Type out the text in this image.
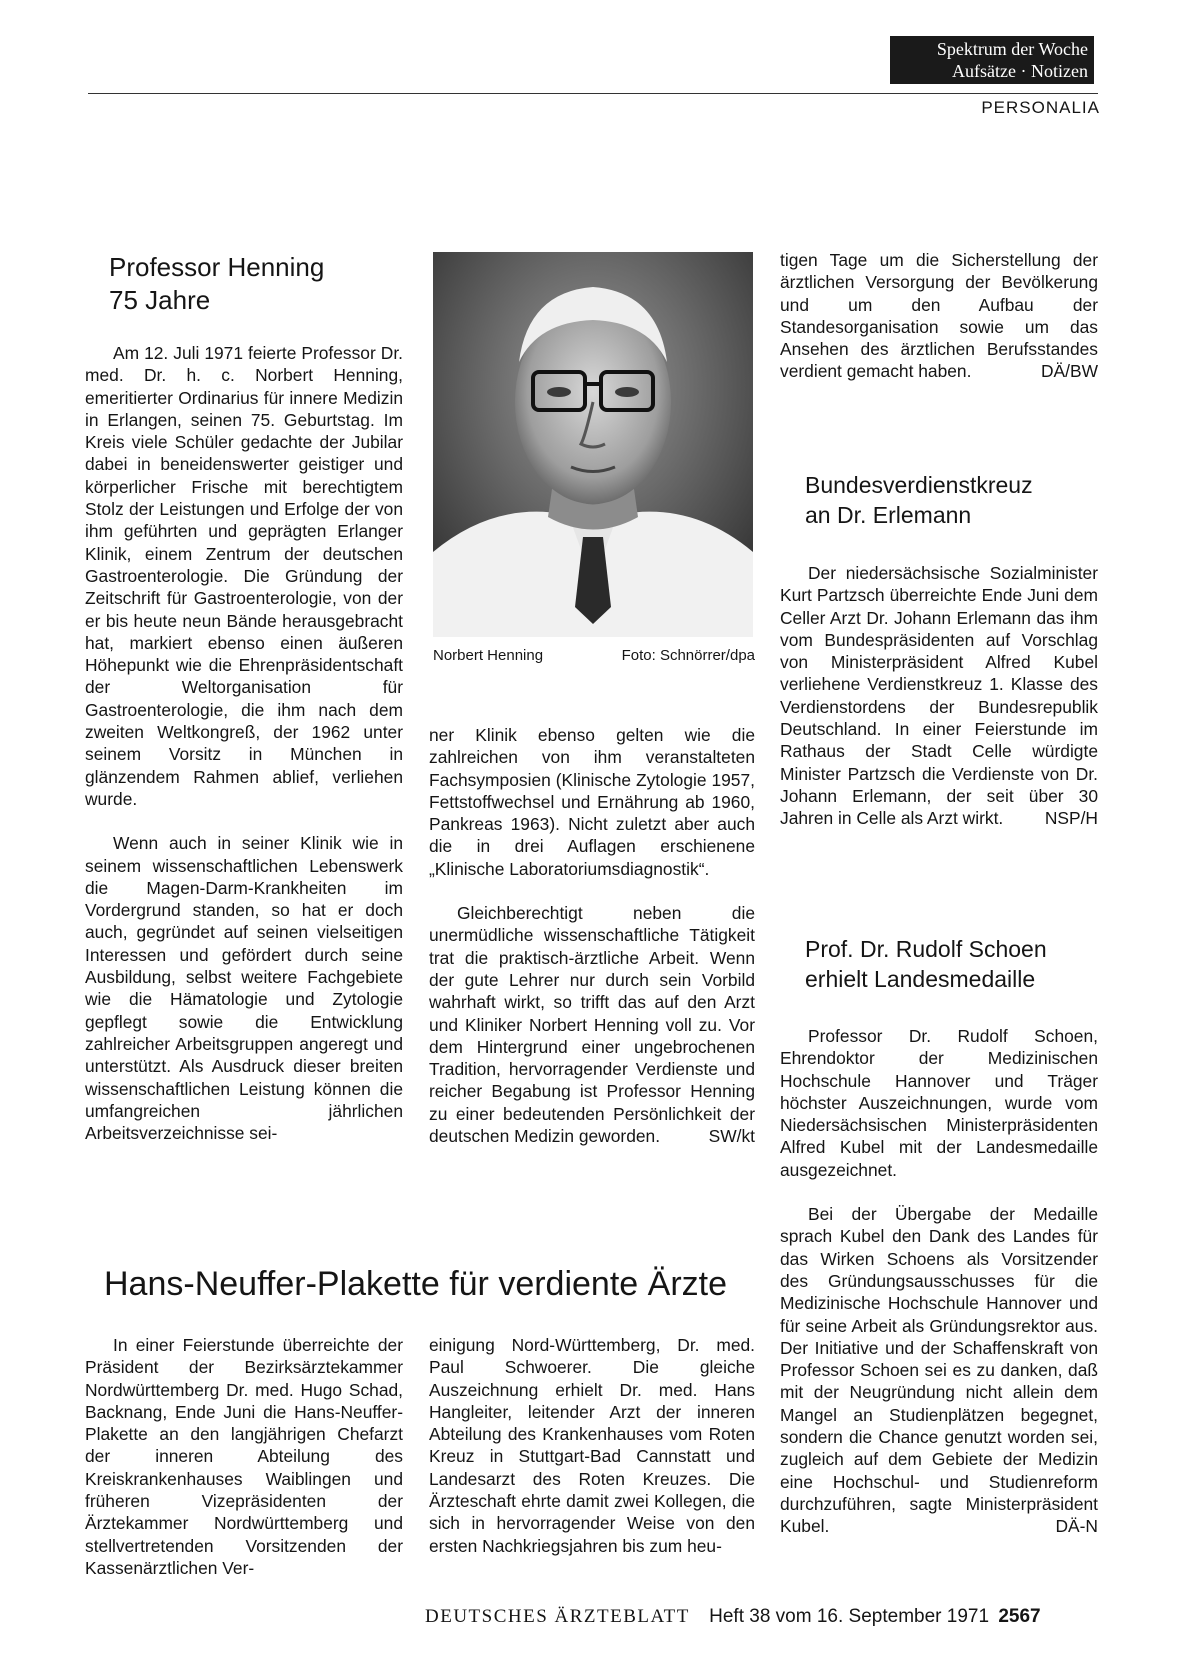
Spektrum der Woche
Aufsätze · Notizen
PERSONALIA
Professor Henning
75 Jahre

Am 12. Juli 1971 feierte Professor Dr. med. Dr. h. c. Norbert Henning, emeritierter Ordinarius für innere Medizin in Erlangen, seinen 75. Geburtstag. Im Kreis viele Schüler gedachte der Jubilar dabei in beneidenswerter geistiger und körperlicher Frische mit berechtigtem Stolz der Leistungen und Erfolge der von ihm geführten und geprägten Erlanger Klinik, einem Zentrum der deutschen Gastroenterologie. Die Gründung der Zeitschrift für Gastroenterologie, von der er bis heute neun Bände herausgebracht hat, markiert ebenso einen äußeren Höhepunkt wie die Ehrenpräsidentschaft der Weltorganisation für Gastroenterologie, die ihm nach dem zweiten Weltkongreß, der 1962 unter seinem Vorsitz in München in glänzendem Rahmen ablief, verliehen wurde.

Wenn auch in seiner Klinik wie in seinem wissenschaftlichen Lebenswerk die Magen-Darm-Krankheiten im Vordergrund standen, so hat er doch auch, gegründet auf seinen vielseitigen Interessen und gefördert durch seine Ausbildung, selbst weitere Fachgebiete wie die Hämatologie und Zytologie gepflegt sowie die Entwicklung zahlreicher Arbeitsgruppen angeregt und unterstützt. Als Ausdruck dieser breiten wissenschaftlichen Leistung können die umfangreichen jährlichen Arbeitsverzeichnisse sei-

Norbert Henning	Foto: Schnörrer/dpa

ner Klinik ebenso gelten wie die zahlreichen von ihm veranstalteten Fachsymposien (Klinische Zytologie 1957, Fettstoffwechsel und Ernährung ab 1960, Pankreas 1963). Nicht zuletzt aber auch die in drei Auflagen erschienene „Klinische Laboratoriumsdiagnostik“.

Gleichberechtigt neben die unermüdliche wissenschaftliche Tätigkeit trat die praktisch-ärztliche Arbeit. Wenn der gute Lehrer nur durch sein Vorbild wahrhaft wirkt, so trifft das auf den Arzt und Kliniker Norbert Henning voll zu. Vor dem Hintergrund einer ungebrochenen Tradition, hervorragender Verdienste und reicher Begabung ist Professor Henning zu einer bedeutenden Persönlichkeit der deutschen Medizin geworden.	SW/kt

tigen Tage um die Sicherstellung der ärztlichen Versorgung der Bevölkerung und um den Aufbau der Standesorganisation sowie um das Ansehen des ärztlichen Berufsstandes verdient gemacht haben.	DÄ/BW

Bundesverdienstkreuz
an Dr. Erlemann

Der niedersächsische Sozialminister Kurt Partzsch überreichte Ende Juni dem Celler Arzt Dr. Johann Erlemann das ihm vom Bundespräsidenten auf Vorschlag von Ministerpräsident Alfred Kubel verliehene Verdienstkreuz 1. Klasse des Verdienstordens der Bundesrepublik Deutschland. In einer Feierstunde im Rathaus der Stadt Celle würdigte Minister Partzsch die Verdienste von Dr. Johann Erlemann, der seit über 30 Jahren in Celle als Arzt wirkt. NSP/H

Prof. Dr. Rudolf Schoen
erhielt Landesmedaille

Professor Dr. Rudolf Schoen, Ehrendoktor der Medizinischen Hochschule Hannover und Träger höchster Auszeichnungen, wurde vom Niedersächsischen Ministerpräsidenten Alfred Kubel mit der Landesmedaille ausgezeichnet.

Bei der Übergabe der Medaille sprach Kubel den Dank des Landes für das Wirken Schoens als Vorsitzender des Gründungsausschusses für die Medizinische Hochschule Hannover und für seine Arbeit als Gründungsrektor aus. Der Initiative und der Schaffenskraft von Professor Schoen sei es zu danken, daß mit der Neugründung nicht allein dem Mangel an Studienplätzen begegnet, sondern die Chance genutzt worden sei, zugleich auf dem Gebiete der Medizin eine Hochschul- und Studienreform durchzuführen, sagte Ministerpräsident Kubel.	DÄ-N

Hans-Neuffer-Plakette für verdiente Ärzte

In einer Feierstunde überreichte der Präsident der Bezirksärztekammer Nordwürttemberg Dr. med. Hugo Schad, Backnang, Ende Juni die Hans-Neuffer-Plakette an den langjährigen Chefarzt der inneren Abteilung des Kreiskrankenhauses Waiblingen und früheren Vizepräsidenten der Ärztekammer Nordwürttemberg und stellvertretenden Vorsitzenden der Kassenärztlichen Ver-

einigung Nord-Württemberg, Dr. med. Paul Schwoerer. Die gleiche Auszeichnung erhielt Dr. med. Hans Hangleiter, leitender Arzt der inneren Abteilung des Krankenhauses vom Roten Kreuz in Stuttgart-Bad Cannstatt und Landesarzt des Roten Kreuzes. Die Ärzteschaft ehrte damit zwei Kollegen, die sich in hervorragender Weise von den ersten Nachkriegsjahren bis zum heu-

DEUTSCHES ÄRZTEBLATT Heft 38 vom 16. September 1971 2567
